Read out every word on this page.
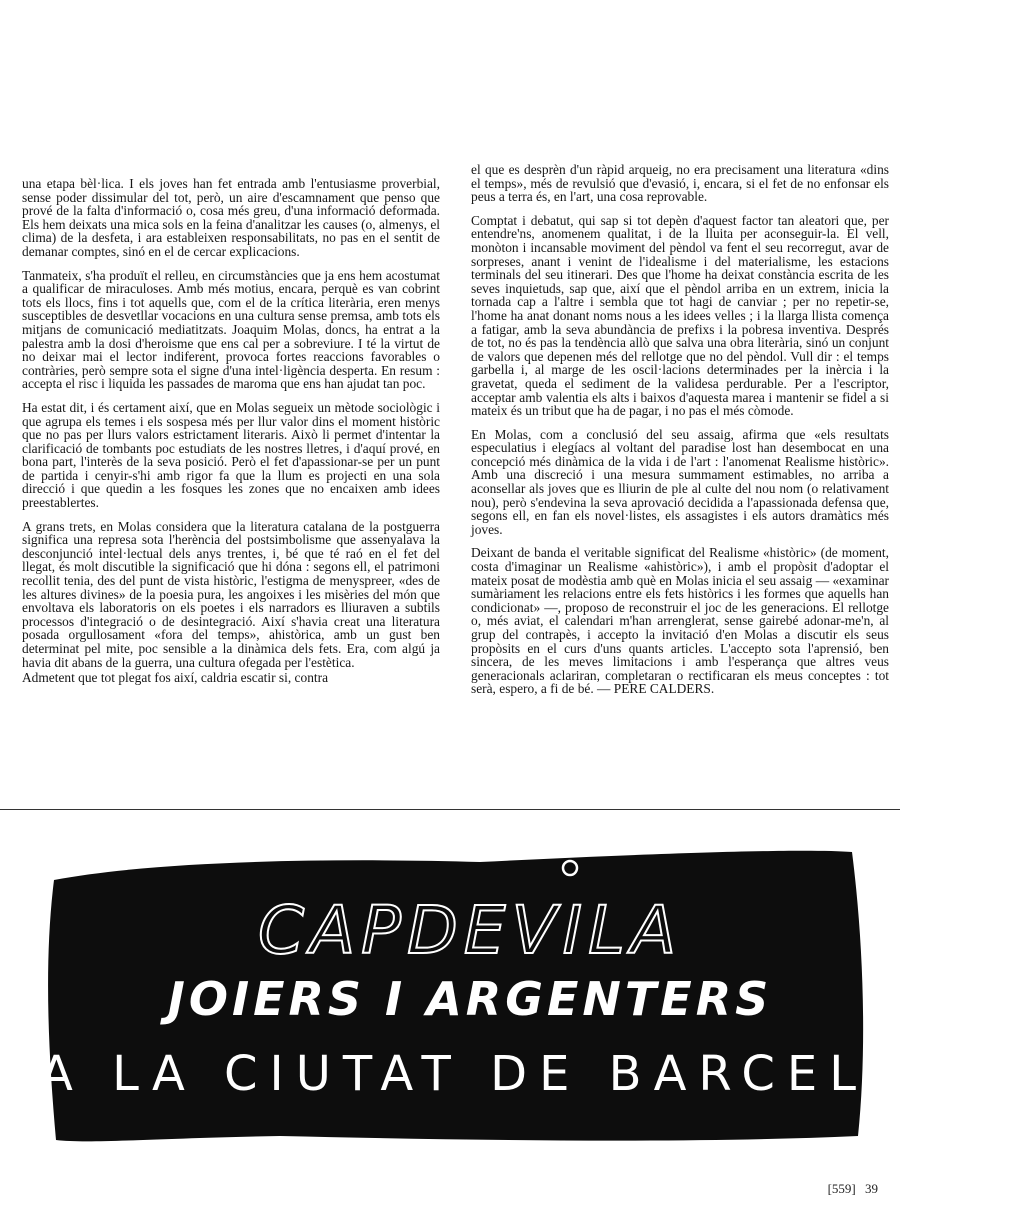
una etapa bèl·lica. I els joves han fet entrada amb l'entusiasme proverbial, sense poder dissimular del tot, però, un aire d'escamnament que penso que prové de la falta d'informació o, cosa més greu, d'una informació deformada. Els hem deixats una mica sols en la feina d'analitzar les causes (o, almenys, el clima) de la desfeta, i ara estableixen responsabilitats, no pas en el sentit de demanar comptes, sinó en el de cercar explicacions.

Tanmateix, s'ha produït el relleu, en circumstàncies que ja ens hem acostumat a qualificar de miraculoses. Amb més motius, encara, perquè es van cobrint tots els llocs, fins i tot aquells que, com el de la crítica literària, eren menys susceptibles de desvetllar vocacions en una cultura sense premsa, amb tots els mitjans de comunicació mediatitzats. Joaquim Molas, doncs, ha entrat a la palestra amb la dosi d'heroisme que ens cal per a sobreviure. I té la virtut de no deixar mai el lector indiferent, provoca fortes reaccions favorables o contràries, però sempre sota el signe d'una intel·ligència desperta. En resum : accepta el risc i liquida les passades de maroma que ens han ajudat tan poc.

Ha estat dit, i és certament així, que en Molas segueix un mètode sociològic i que agrupa els temes i els sospesa més per llur valor dins el moment històric que no pas per llurs valors estrictament literaris. Això li permet d'intentar la clarificació de tombants poc estudiats de les nostres lletres, i d'aquí prové, en bona part, l'interès de la seva posició. Però el fet d'apassionar-se per un punt de partida i cenyir-s'hi amb rigor fa que la llum es projecti en una sola direcció i que quedin a les fosques les zones que no encaixen amb idees preestablertes.

A grans trets, en Molas considera que la literatura catalana de la postguerra significa una represa sota l'herència del postsimbolisme que assenyalava la desconjunció intel·lectual dels anys trentes, i, bé que té raó en el fet del llegat, és molt discutible la significació que hi dóna : segons ell, el patrimoni recollit tenia, des del punt de vista històric, l'estigma de menyspreer, «des de les altures divines» de la poesia pura, les angoixes i les misèries del món que envoltava els laboratoris on els poetes i els narradors es lliuraven a subtils processos d'integració o de desintegració. Així s'havia creat una literatura posada orgullosament «fora del temps», ahistòrica, amb un gust ben determinat pel mite, poc sensible a la dinàmica dels fets. Era, com algú ja havia dit abans de la guerra, una cultura ofegada per l'estètica.

Admetent que tot plegat fos així, caldria escatir si, contra

el que es desprèn d'un ràpid arqueig, no era precisament una literatura «dins el temps», més de revulsió que d'evasió, i, encara, si el fet de no enfonsar els peus a terra és, en l'art, una cosa reprovable.

Comptat i debatut, qui sap si tot depèn d'aquest factor tan aleatori que, per entendre'ns, anomenem qualitat, i de la lluita per aconseguir-la. El vell, monòton i incansable moviment del pèndol va fent el seu recorregut, avar de sorpreses, anant i venint de l'idealisme i del materialisme, les estacions terminals del seu itinerari. Des que l'home ha deixat constància escrita de les seves inquietuds, sap que, així que el pèndol arriba en un extrem, inicia la tornada cap a l'altre i sembla que tot hagi de canviar ; per no repetir-se, l'home ha anat donant noms nous a les idees velles ; i la llarga llista comença a fatigar, amb la seva abundància de prefixs i la pobresa inventiva. Després de tot, no és pas la tendència allò que salva una obra literària, sinó un conjunt de valors que depenen més del rellotge que no del pèndol. Vull dir : el temps garbella i, al marge de les oscil·lacions determinades per la inèrcia i la gravetat, queda el sediment de la validesa perdurable. Per a l'escriptor, acceptar amb valentia els alts i baixos d'aquesta marea i mantenir se fidel a si mateix és un tribut que ha de pagar, i no pas el més còmode.

En Molas, com a conclusió del seu assaig, afirma que «els resultats especulatius i elegíacs al voltant del paradise lost han desembocat en una concepció més dinàmica de la vida i de l'art : l'anomenat Realisme històric». Amb una discreció i una mesura summament estimables, no arriba a aconsellar als joves que es lliurin de ple al culte del nou nom (o relativament nou), però s'endevina la seva aprovació decidida a l'apassionada defensa que, segons ell, en fan els novel·listes, els assagistes i els autors dramàtics més joves.

Deixant de banda el veritable significat del Realisme «històric» (de moment, costa d'imaginar un Realisme «ahistòric»), i amb el propòsit d'adoptar el mateix posat de modèstia amb què en Molas inicia el seu assaig — «examinar sumàriament les relacions entre els fets històrics i les formes que aquells han condicionat» —, proposo de reconstruir el joc de les generacions. El rellotge o, més aviat, el calendari m'han arrenglerat, sense gairebé adonar-me'n, al grup del contrapès, i accepto la invitació d'en Molas a discutir els seus propòsits en el curs d'uns quants articles. L'accepto sota l'aprensió, ben sincera, de les meves limitacions i amb l'esperança que altres veus generacionals aclariran, completaran o rectificaran els meus conceptes : tot serà, espero, a fi de bé. — PERE CALDERS.

CAPDEVILA
JOIERS I ARGENTERS
A LA CIUTAT DE BARCELONA
[559] 39
